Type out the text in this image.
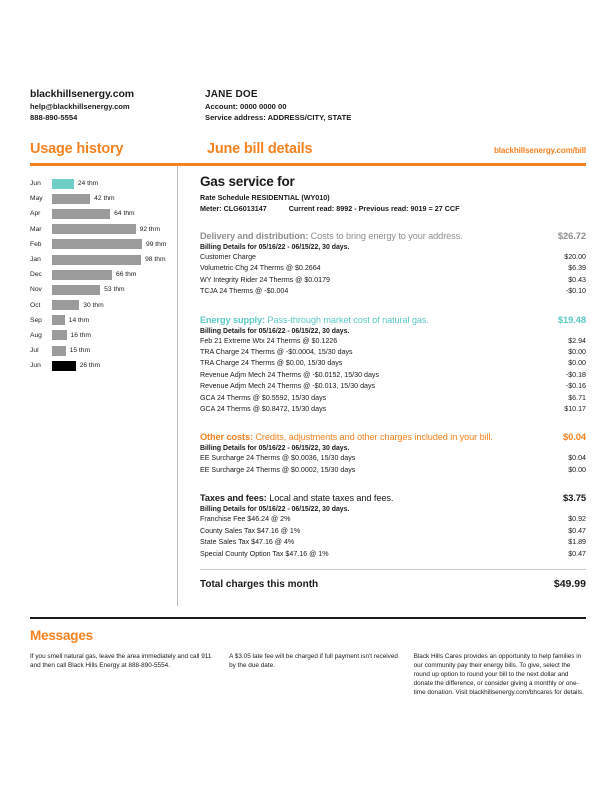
blackhillsenergy.com
help@blackhillsenergy.com
888-890-5554
JANE DOE
Account: 0000 0000 00
Service address: ADDRESS/CITY, STATE
Usage history	June bill details	blackhillsenergy.com/bill
Jun	24 thm
May	42 thm
Apr	64 thm
Mar	92 thm
Feb	99 thm
Jan	98 thm
Dec	66 thm
Nov	53 thm
Oct	30 thm
Sep	14 thm
Aug	16 thm
Jul	15 thm
Jun	26 thm
Gas service for
Rate Schedule RESIDENTIAL (WY010)
Meter: CLG6013147	Current read: 8992 - Previous read: 9019 = 27 CCF
Delivery and distribution: Costs to bring energy to your address.	$26.72
Billing Details for 05/16/22 - 06/15/22, 30 days.
Customer Charge	$20.00
Volumetric Chg 24 Therms @ $0.2664	$6.39
WY Integrity Rider 24 Therms @ $0.0179	$0.43
TCJA 24 Therms @ -$0.004	-$0.10
Energy supply: Pass-through market cost of natural gas.	$19.48
Billing Details for 05/16/22 - 06/15/22, 30 days.
Feb 21 Extreme Wtx 24 Therms @ $0.1226	$2.94
TRA Charge 24 Therms @ -$0.0004, 15/30 days	$0.00
TRA Charge 24 Therms @ $0.00, 15/30 days	$0.00
Revenue Adjm Mech 24 Therms @ -$0.0152, 15/30 days	-$0.18
Revenue Adjm Mech 24 Therms @ -$0.013, 15/30 days	-$0.16
GCA 24 Therms @ $0.5592, 15/30 days	$6.71
GCA 24 Therms @ $0.8472, 15/30 days	$10.17
Other costs: Credits, adjustments and other charges included in your bill.	$0.04
Billing Details for 05/16/22 - 06/15/22, 30 days.
EE Surcharge 24 Therms @ $0.0036, 15/30 days	$0.04
EE Surcharge 24 Therms @ $0.0002, 15/30 days	$0.00
Taxes and fees: Local and state taxes and fees.	$3.75
Billing Details for 05/16/22 - 06/15/22, 30 days.
Franchise Fee $46.24 @ 2%	$0.92
County Sales Tax $47.16 @ 1%	$0.47
State Sales Tax $47.16 @ 4%	$1.89
Special County Option Tax $47.16 @ 1%	$0.47
Total charges this month	$49.99
Messages
If you smell natural gas, leave the area immediately and call 911 and then call Black Hills Energy at 888-890-5554.
A $3.05 late fee will be charged if full payment isn't received by the due date.
Black Hills Cares provides an opportunity to help families in our community pay their energy bills. To give, select the round up option to round your bill to the next dollar and donate the difference, or consider giving a monthly or one-time donation. Visit blackhillsenergy.com/bhcares for details.
